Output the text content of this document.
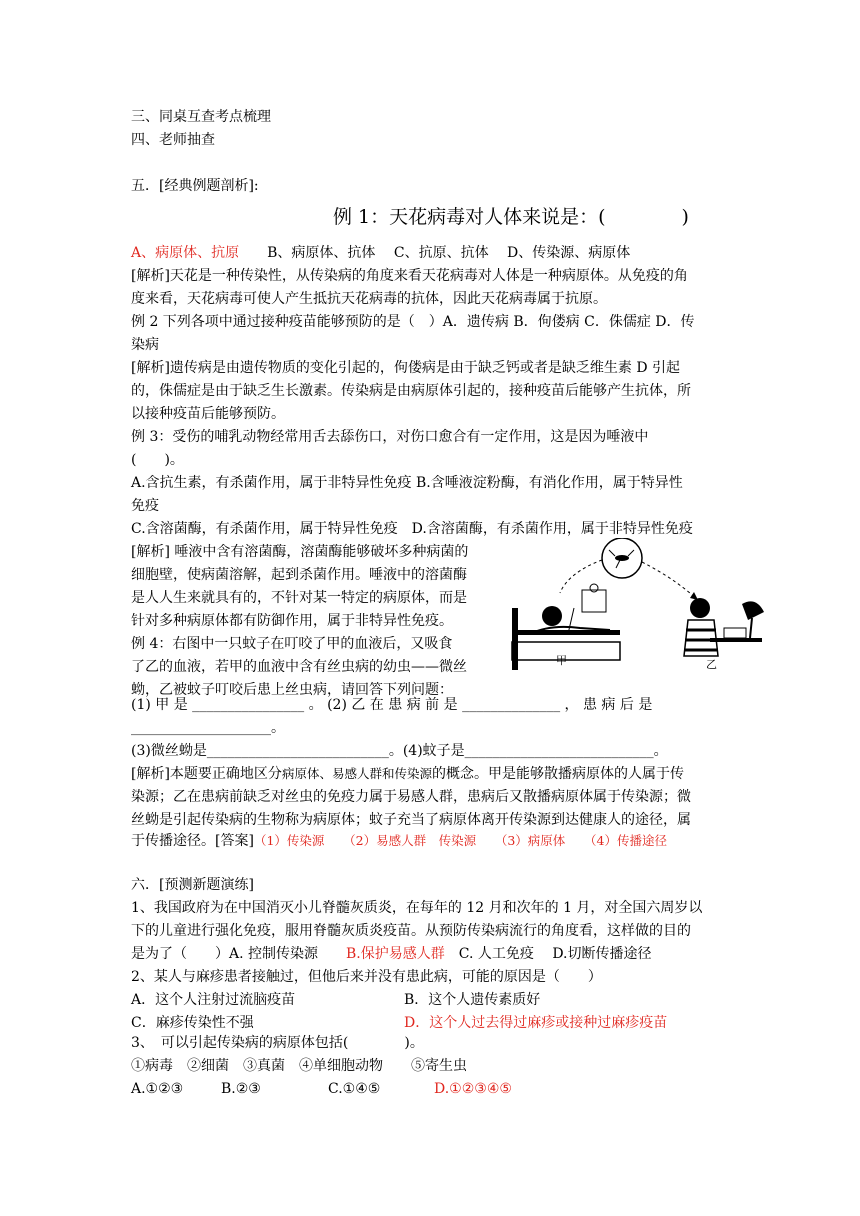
三、同桌互查考点梳理
四、老师抽查
五．[经典例题剖析]:
例 1：天花病毒对人体来说是：(　　　　)
A、病原体、抗原　　 B、病原体、抗体　 C、抗原、抗体　 D、传染源、病原体
[解析]天花是一种传染性，从传染病的角度来看天花病毒对人体是一种病原体。从免疫的角
度来看，天花病毒可使人产生抵抗天花病毒的抗体，因此天花病毒属于抗原。
例 2 下列各项中通过接种疫苗能够预防的是（　）A．遗传病 B．佝偻病 C．侏儒症 D．传
染病
[解析]遗传病是由遗传物质的变化引起的，佝偻病是由于缺乏钙或者是缺乏维生素 D 引起
的，侏儒症是由于缺乏生长激素。传染病是由病原体引起的，接种疫苗后能够产生抗体，所
以接种疫苗后能够预防。
例 3：受伤的哺乳动物经常用舌去舔伤口，对伤口愈合有一定作用，这是因为唾液中
(　　)。
A.含抗生素，有杀菌作用，属于非特异性免疫 B.含唾液淀粉酶，有消化作用，属于特异性
免疫
C.含溶菌酶，有杀菌作用，属于特异性免疫　D.含溶菌酶，有杀菌作用，属于非特异性免疫
[解析] 唾液中含有溶菌酶，溶菌酶能够破坏多种病菌的
细胞壁，使病菌溶解，起到杀菌作用。唾液中的溶菌酶
是人人生来就具有的，不针对某一特定的病原体，而是
针对多种病原体都有防御作用，属于非特异性免疫。
例 4：右图中一只蚊子在叮咬了甲的血液后，又吸食
了乙的血液，若甲的血液中含有丝虫病的幼虫——微丝
蚴，乙被蚊子叮咬后患上丝虫病，请回答下列问题：
(1) 甲 是 ________________ 。 (2) 乙 在 患 病 前 是 ______________ ， 患 病 后 是
____________________。
(3)微丝蚴是__________________________。(4)蚊子是___________________________。
[解析]本题要正确地区分病原体、易感人群和传染源的概念。甲是能够散播病原体的人属于传
染源；乙在患病前缺乏对丝虫的免疫力属于易感人群，患病后又散播病原体属于传染源；微
丝蚴是引起传染病的生物称为病原体；蚊子充当了病原体离开传染源到达健康人的途径，属
于传播途径。[答案]（1）传染源　　（2）易感人群　传染源　　（3）病原体　　（4）传播途径
甲	乙
六．[预测新题演练]
1、我国政府为在中国消灭小儿脊髓灰质炎，在每年的 12 月和次年的 1 月，对全国六周岁以
下的儿童进行强化免疫，服用脊髓灰质炎疫苗。从预防传染病流行的角度看，这样做的目的
是为了（　　）A. 控制传染源　　B.保护易感人群　C. 人工免疫　 D.切断传播途径
2、某人与麻疹患者接触过，但他后来并没有患此病，可能的原因是（　　）
A．这个人注射过流脑疫苗	B．这个人遗传素质好
C．麻疹传染性不强	D．这个人过去得过麻疹或接种过麻疹疫苗
3、　可以引起传染病的病原体包括(　　　　)。
①病毒　②细菌　③真菌　④单细胞动物　　⑤寄生虫
A.①②③	B.②③	C.①④⑤	D.①②③④⑤
